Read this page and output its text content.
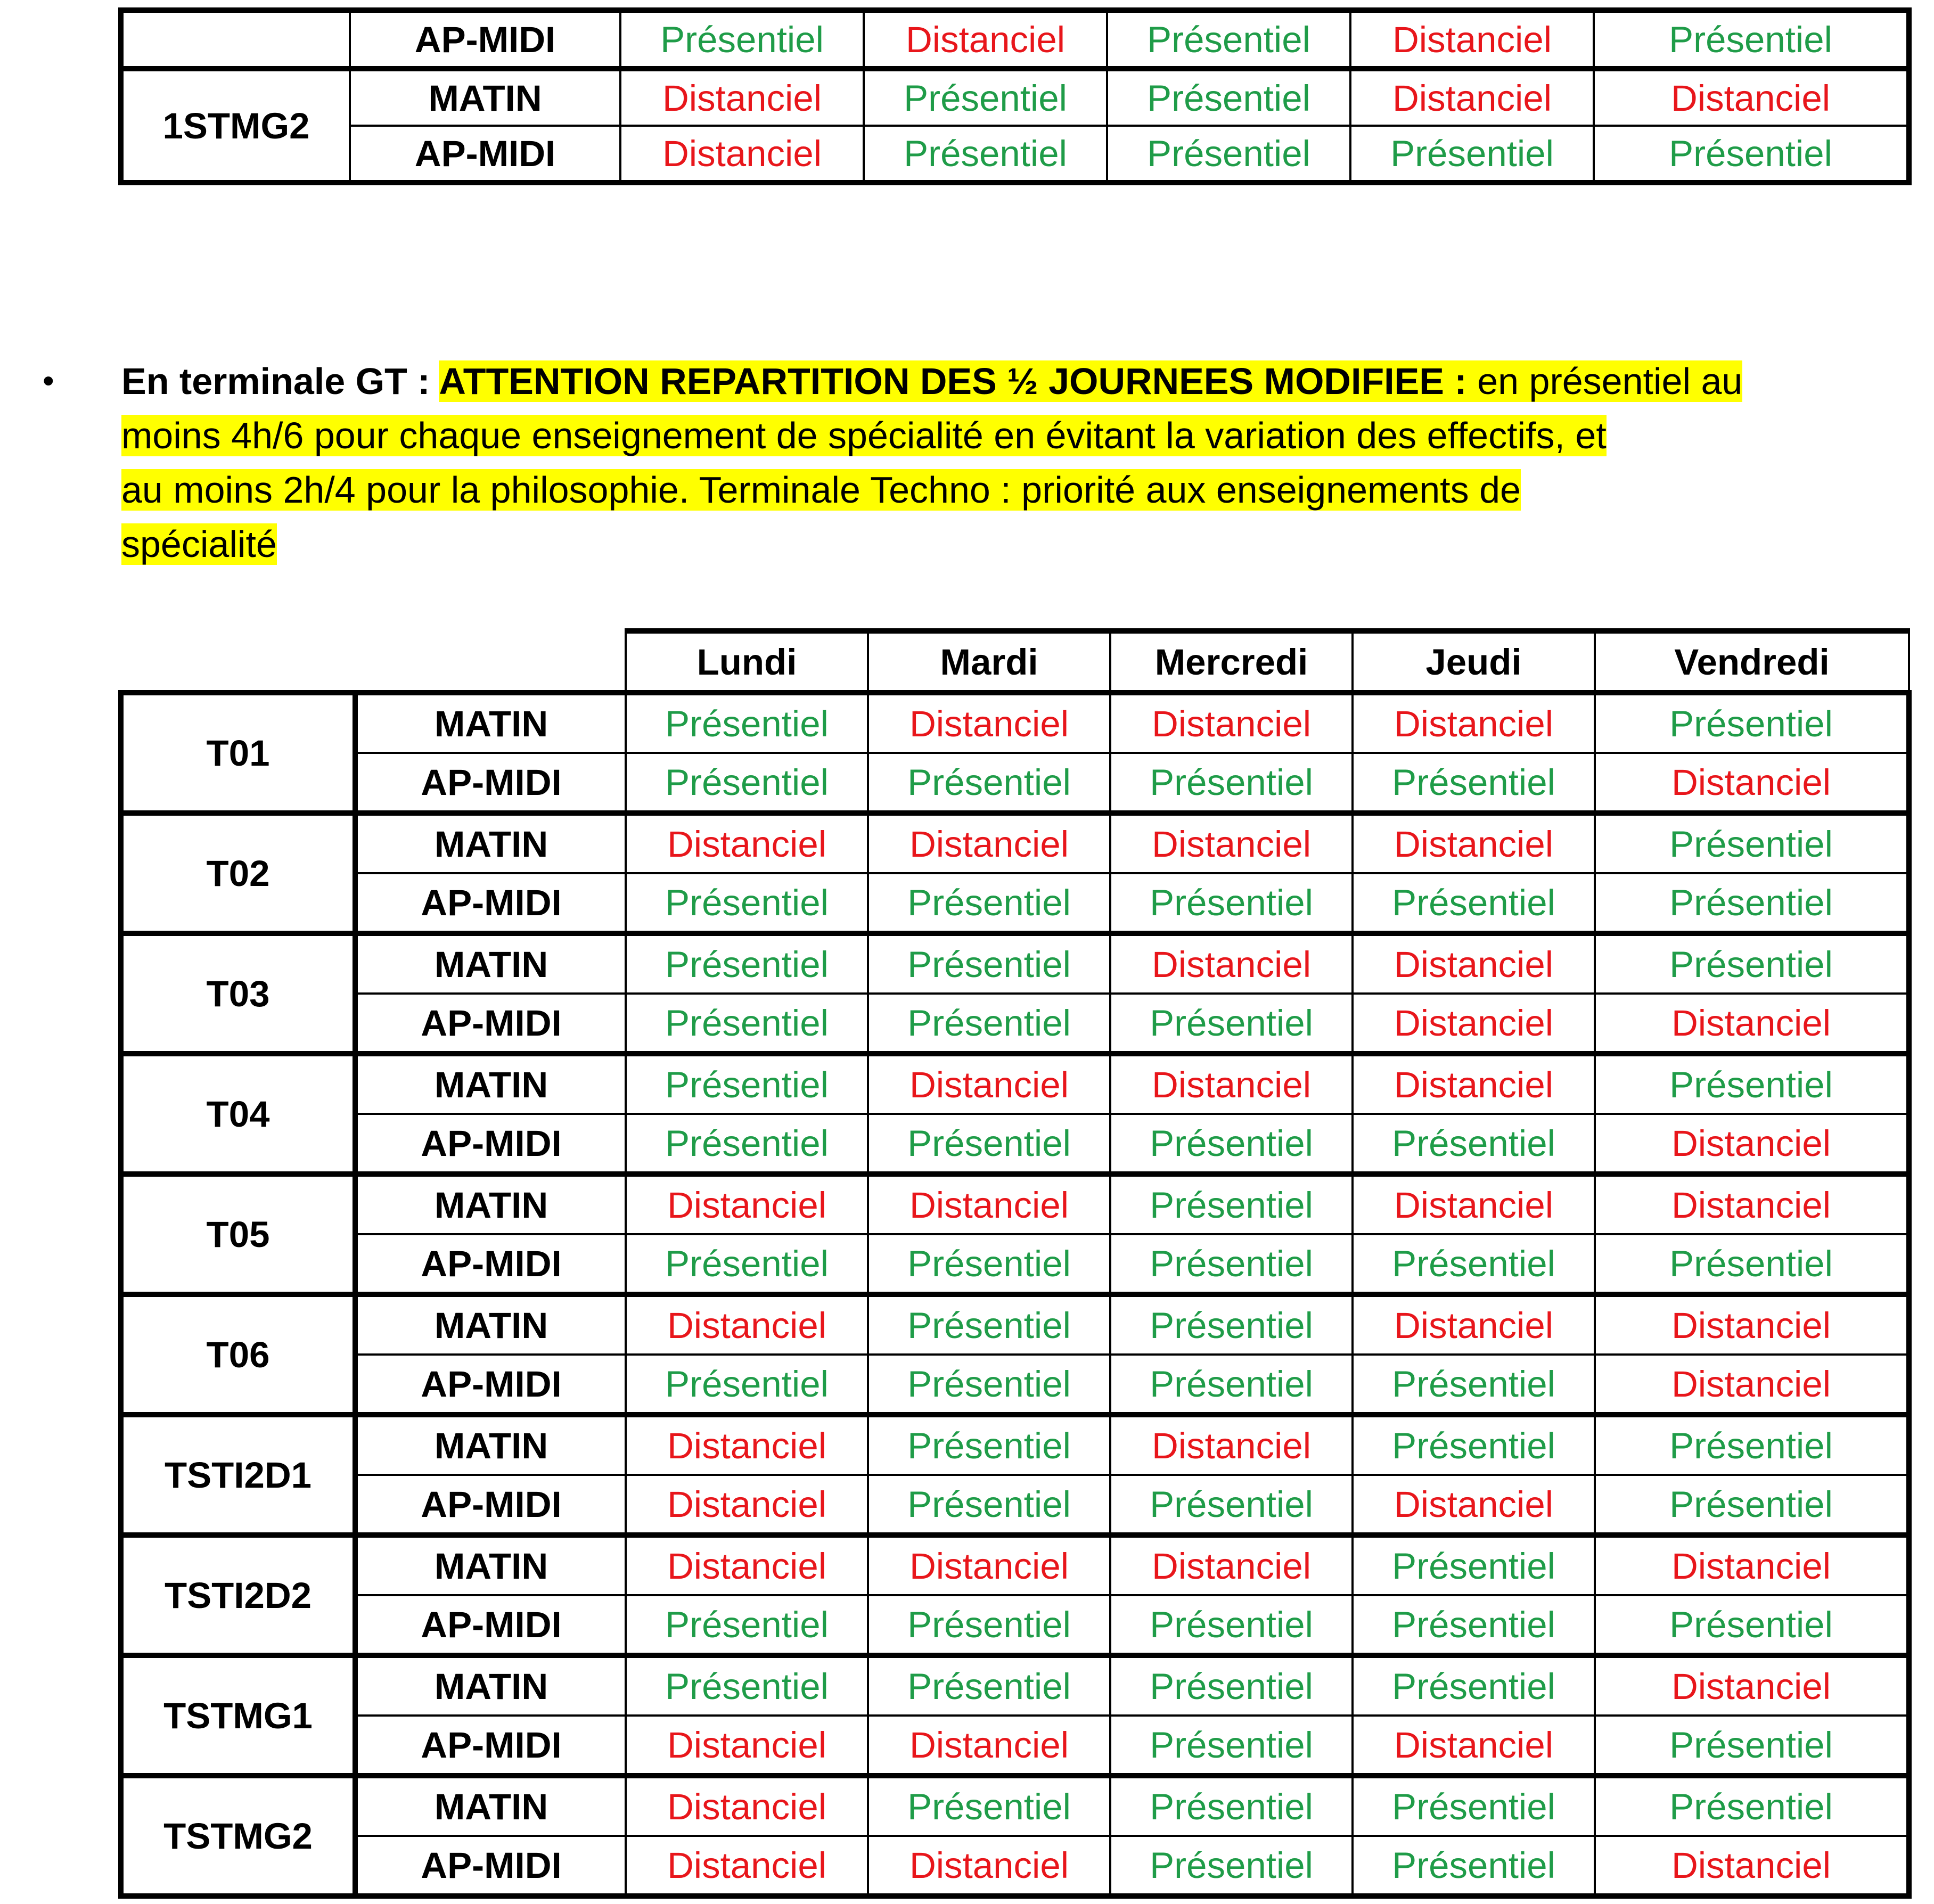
	AP-MIDI	Présentiel	Distanciel	Présentiel	Distanciel	Présentiel
1STMG2	MATIN	Distanciel	Présentiel	Présentiel	Distanciel	Distanciel
	AP-MIDI	Distanciel	Présentiel	Présentiel	Présentiel	Présentiel
•	En terminale GT : ATTENTION REPARTITION DES ½ JOURNEES MODIFIEE : en présentiel au
moins 4h/6 pour chaque enseignement de spécialité en évitant la variation des effectifs, et
au moins 2h/4 pour la philosophie. Terminale Techno : priorité aux enseignements de
spécialité
		Lundi	Mardi	Mercredi	Jeudi	Vendredi
T01	MATIN	Présentiel	Distanciel	Distanciel	Distanciel	Présentiel
	AP-MIDI	Présentiel	Présentiel	Présentiel	Présentiel	Distanciel
T02	MATIN	Distanciel	Distanciel	Distanciel	Distanciel	Présentiel
	AP-MIDI	Présentiel	Présentiel	Présentiel	Présentiel	Présentiel
T03	MATIN	Présentiel	Présentiel	Distanciel	Distanciel	Présentiel
	AP-MIDI	Présentiel	Présentiel	Présentiel	Distanciel	Distanciel
T04	MATIN	Présentiel	Distanciel	Distanciel	Distanciel	Présentiel
	AP-MIDI	Présentiel	Présentiel	Présentiel	Présentiel	Distanciel
T05	MATIN	Distanciel	Distanciel	Présentiel	Distanciel	Distanciel
	AP-MIDI	Présentiel	Présentiel	Présentiel	Présentiel	Présentiel
T06	MATIN	Distanciel	Présentiel	Présentiel	Distanciel	Distanciel
	AP-MIDI	Présentiel	Présentiel	Présentiel	Présentiel	Distanciel
TSTI2D1	MATIN	Distanciel	Présentiel	Distanciel	Présentiel	Présentiel
	AP-MIDI	Distanciel	Présentiel	Présentiel	Distanciel	Présentiel
TSTI2D2	MATIN	Distanciel	Distanciel	Distanciel	Présentiel	Distanciel
	AP-MIDI	Présentiel	Présentiel	Présentiel	Présentiel	Présentiel
TSTMG1	MATIN	Présentiel	Présentiel	Présentiel	Présentiel	Distanciel
	AP-MIDI	Distanciel	Distanciel	Présentiel	Distanciel	Présentiel
TSTMG2	MATIN	Distanciel	Présentiel	Présentiel	Présentiel	Présentiel
	AP-MIDI	Distanciel	Distanciel	Présentiel	Présentiel	Distanciel
